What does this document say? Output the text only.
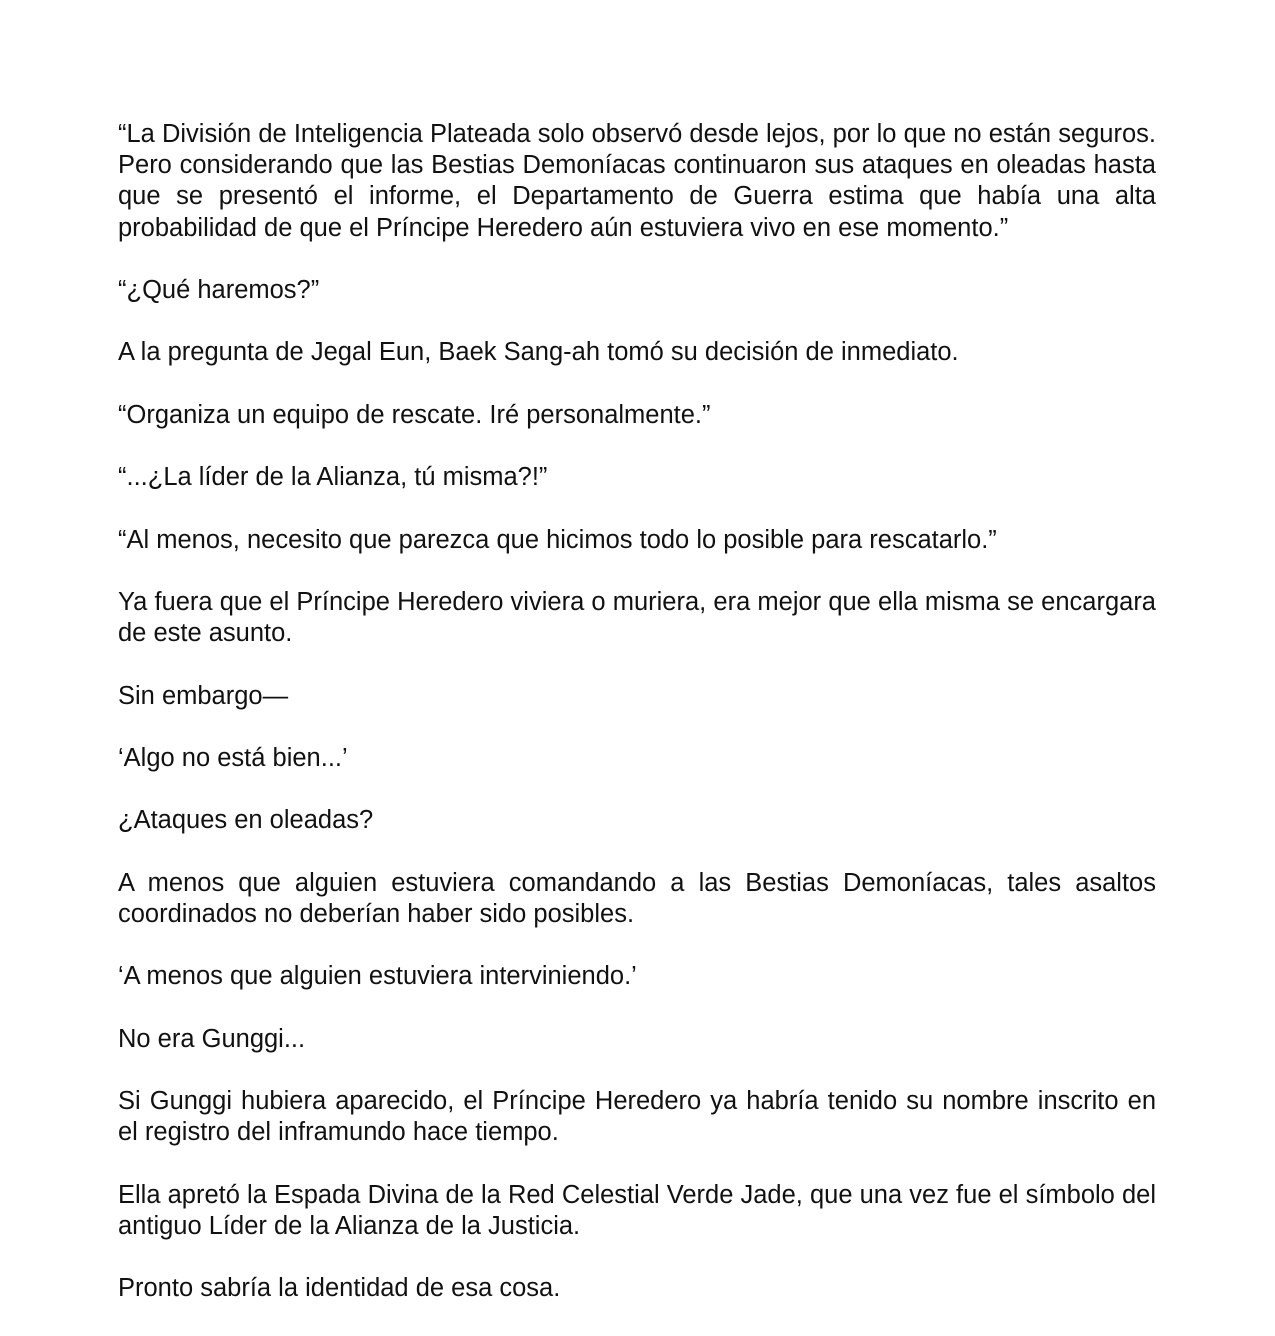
“La División de Inteligencia Plateada solo observó desde lejos, por lo que no están seguros. Pero considerando que las Bestias Demoníacas continuaron sus ataques en oleadas hasta que se presentó el informe, el Departamento de Guerra estima que había una alta probabilidad de que el Príncipe Heredero aún estuviera vivo en ese momento.”

“¿Qué haremos?”

A la pregunta de Jegal Eun, Baek Sang-ah tomó su decisión de inmediato.

“Organiza un equipo de rescate. Iré personalmente.”

“...¿La líder de la Alianza, tú misma?!”

“Al menos, necesito que parezca que hicimos todo lo posible para rescatarlo.”

Ya fuera que el Príncipe Heredero viviera o muriera, era mejor que ella misma se encargara de este asunto.

Sin embargo—

‘Algo no está bien...’

¿Ataques en oleadas?

A menos que alguien estuviera comandando a las Bestias Demoníacas, tales asaltos coordinados no deberían haber sido posibles.

‘A menos que alguien estuviera interviniendo.’

No era Gunggi...

Si Gunggi hubiera aparecido, el Príncipe Heredero ya habría tenido su nombre inscrito en el registro del inframundo hace tiempo.

Ella apretó la Espada Divina de la Red Celestial Verde Jade, que una vez fue el símbolo del antiguo Líder de la Alianza de la Justicia.

Pronto sabría la identidad de esa cosa.
